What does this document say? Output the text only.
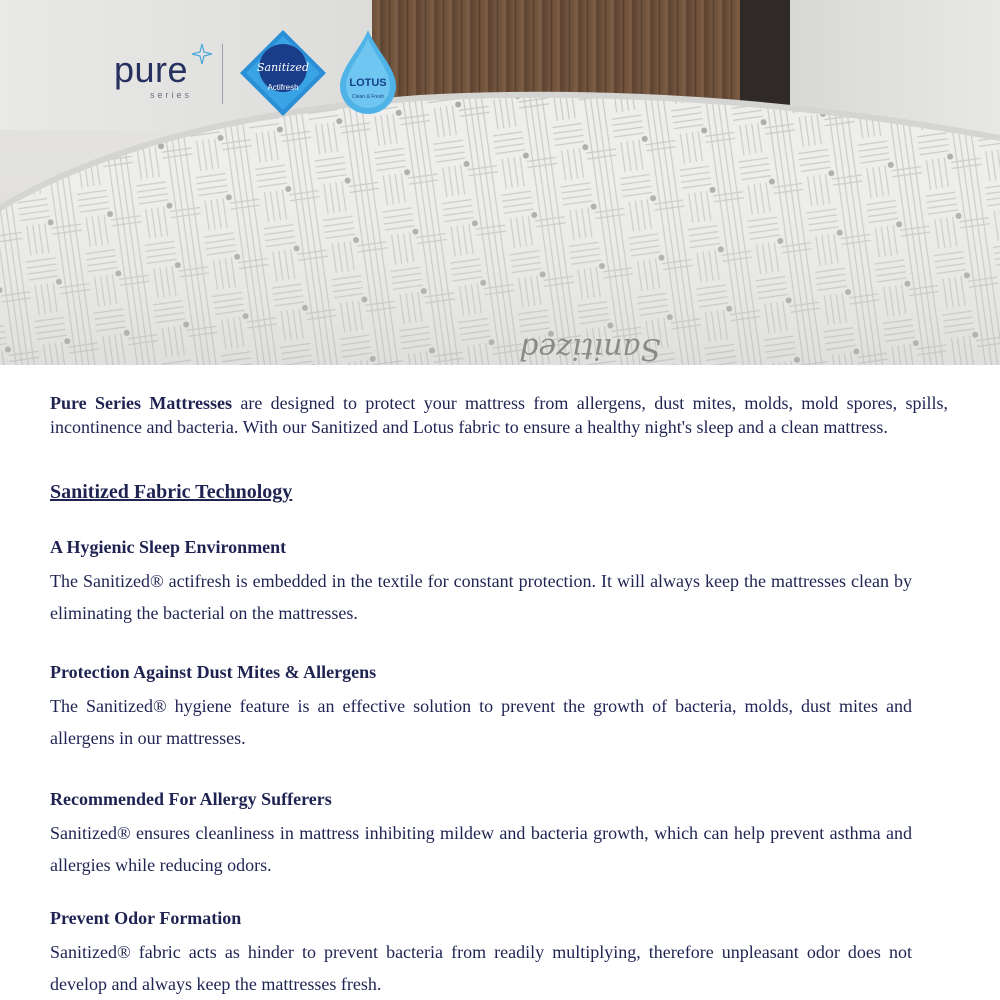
Sanitized
pure
series
Sanitized
Actifresh	LOTUS
Clean & Fresh
Pure Series Mattresses are designed to protect your mattress from allergens, dust mites, molds, mold spores, spills, incontinence and bacteria. With our Sanitized and Lotus fabric to ensure a healthy night's sleep and a clean mattress.
Sanitized Fabric Technology
A Hygienic Sleep Environment

The Sanitized® actifresh is embedded in the textile for constant protection. It will always keep the mattresses clean by eliminating the bacterial on the mattresses.

Protection Against Dust Mites & Allergens

The Sanitized® hygiene feature is an effective solution to prevent the growth of bacteria, molds, dust mites and allergens in our mattresses.

Recommended For Allergy Sufferers

Sanitized® ensures cleanliness in mattress inhibiting mildew and bacteria growth, which can help prevent asthma and allergies while reducing odors.

Prevent Odor Formation

Sanitized® fabric acts as hinder to prevent bacteria from readily multiplying, therefore unpleasant odor does not develop and always keep the mattresses fresh.
